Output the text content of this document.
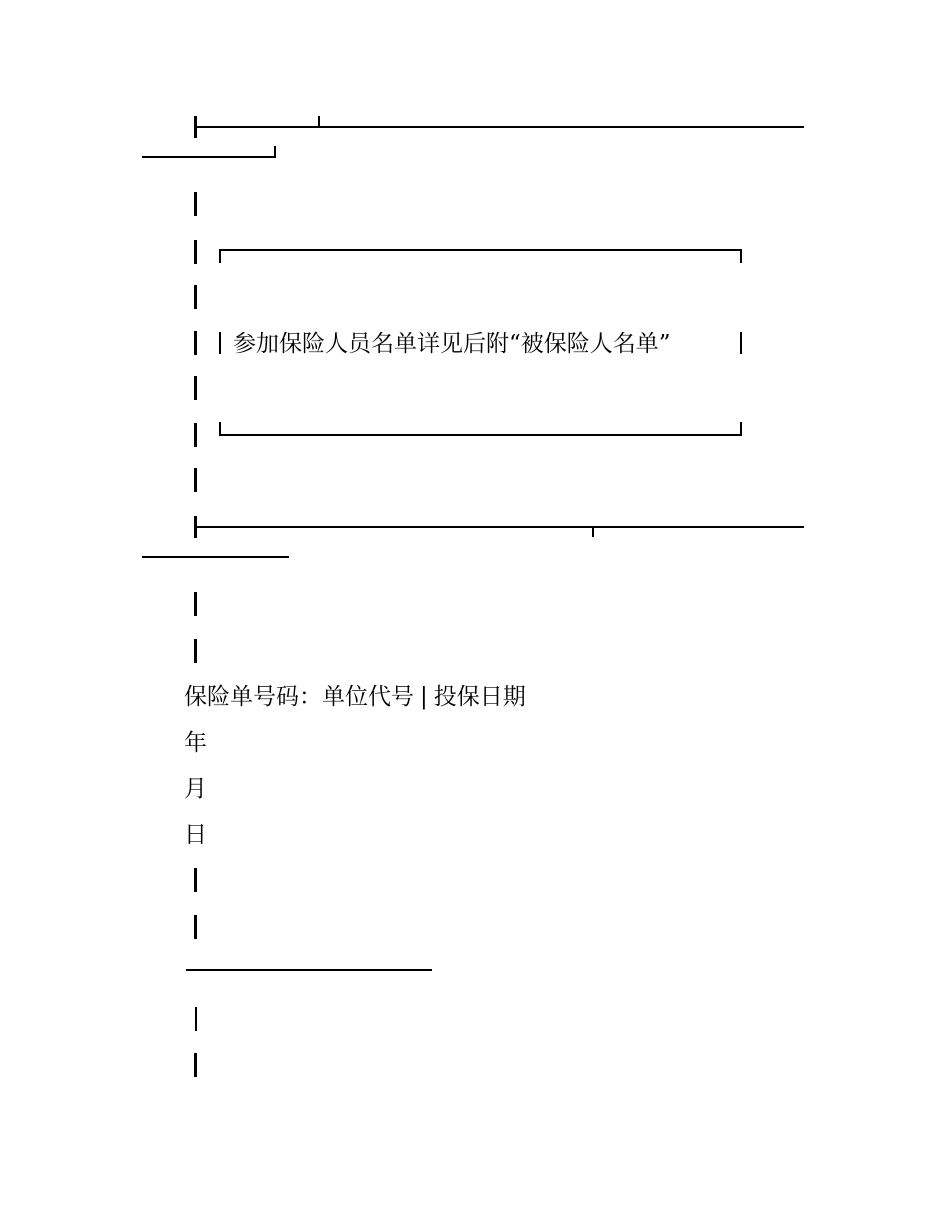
参加保险人员名单详见后附“被保险人名单”
保险单号码：单位代号 | 投保日期
年
月
日
